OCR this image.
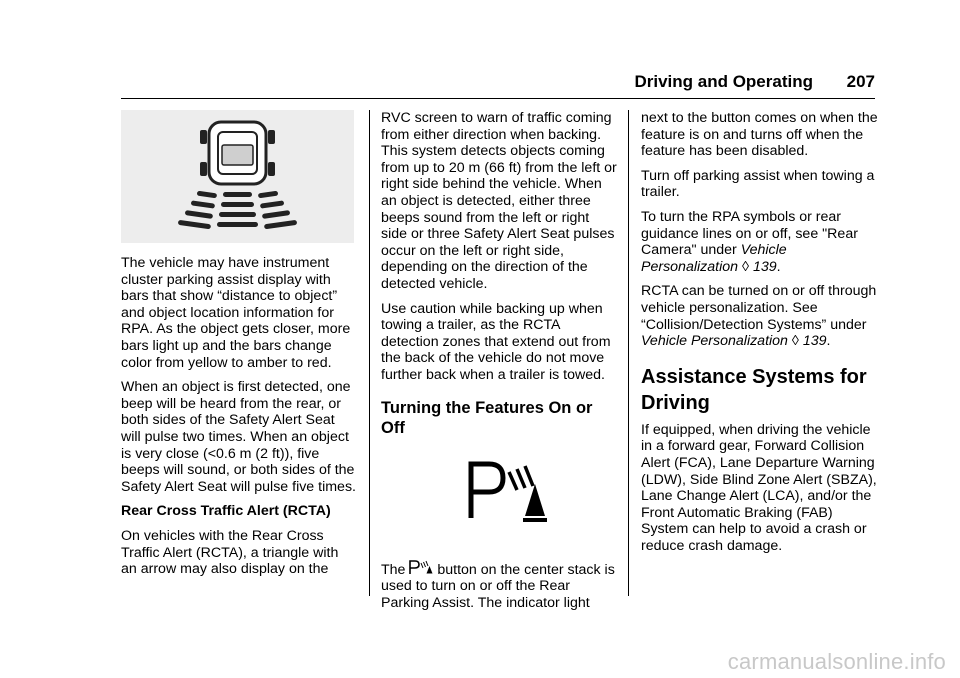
Driving and Operating 207

The vehicle may have instrument cluster parking assist display with bars that show “distance to object” and object location information for RPA. As the object gets closer, more bars light up and the bars change color from yellow to amber to red.

When an object is first detected, one beep will be heard from the rear, or both sides of the Safety Alert Seat will pulse two times. When an object is very close (<0.6 m (2 ft)), five beeps will sound, or both sides of the Safety Alert Seat will pulse five times.

Rear Cross Traffic Alert (RCTA)

On vehicles with the Rear Cross Traffic Alert (RCTA), a triangle with an arrow may also display on the

RVC screen to warn of traffic coming from either direction when backing. This system detects objects coming from up to 20 m (66 ft) from the left or right side behind the vehicle. When an object is detected, either three beeps sound from the left or right side or three Safety Alert Seat pulses occur on the left or right side, depending on the direction of the detected vehicle.

Use caution while backing up when towing a trailer, as the RCTA detection zones that extend out from the back of the vehicle do not move further back when a trailer is towed.

Turning the Features On or Off

The button on the center stack is used to turn on or off the Rear Parking Assist. The indicator light

next to the button comes on when the feature is on and turns off when the feature has been disabled.

Turn off parking assist when towing a trailer.

To turn the RPA symbols or rear guidance lines on or off, see "Rear Camera" under Vehicle Personalization ◊ 139.

RCTA can be turned on or off through vehicle personalization. See “Collision/Detection Systems” under Vehicle Personalization ◊ 139.

Assistance Systems for Driving

If equipped, when driving the vehicle in a forward gear, Forward Collision Alert (FCA), Lane Departure Warning (LDW), Side Blind Zone Alert (SBZA), Lane Change Alert (LCA), and/or the Front Automatic Braking (FAB) System can help to avoid a crash or reduce crash damage.

carmanualsonline.info
